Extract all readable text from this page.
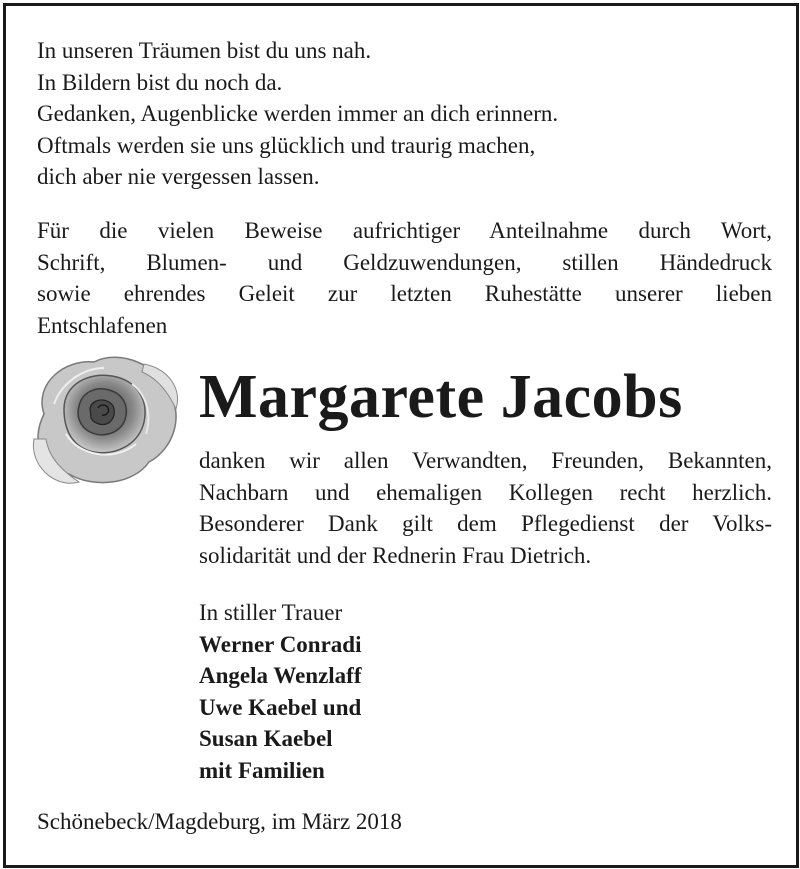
In unseren Träumen bist du uns nah.
In Bildern bist du noch da.
Gedanken, Augenblicke werden immer an dich erinnern.
Oftmals werden sie uns glücklich und traurig machen,
dich aber nie vergessen lassen.
Für die vielen Beweise aufrichtiger Anteilnahme durch Wort,
Schrift, Blumen- und Geldzuwendungen, stillen Händedruck
sowie ehrendes Geleit zur letzten Ruhestätte unserer lieben
Entschlafenen
Margarete Jacobs
danken wir allen Verwandten, Freunden, Bekannten,
Nachbarn und ehemaligen Kollegen recht herzlich.
Besonderer Dank gilt dem Pflegedienst der Volks-
solidarität und der Rednerin Frau Dietrich.
In stiller Trauer
Werner Conradi
Angela Wenzlaff
Uwe Kaebel und
Susan Kaebel
mit Familien
Schönebeck/Magdeburg, im März 2018
